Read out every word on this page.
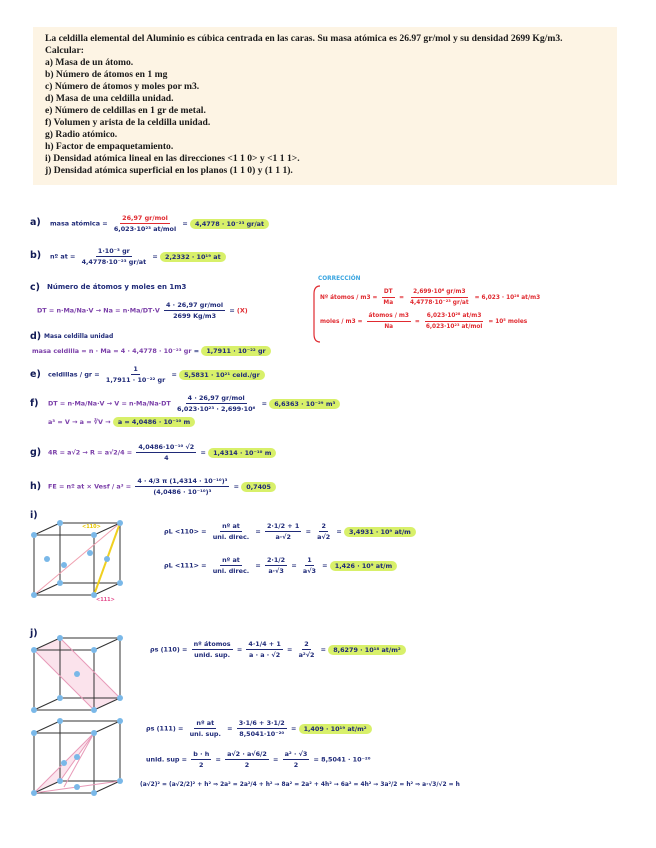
La celdilla elemental del Aluminio es cúbica centrada en las caras. Su masa atómica es 26.97 gr/mol y su densidad 2699 Kg/m3.
Calcular:
a) Masa de un átomo.
b) Número de átomos en 1 mg
c) Número de átomos y moles por m3.
d) Masa de una celdilla unidad.
e) Número de celdillas en 1 gr de metal.
f) Volumen y arista de la celdilla unidad.
g) Radio atómico.
h) Factor de empaquetamiento.
i) Densidad atómica lineal en las direcciones <1 1 0> y <1 1 1>.
j) Densidad atómica superficial en los planos (1 1 0) y (1 1 1).
a) masa atómica = $\frac{\text{26,97 gr/mol}}{\text{6,023·10²³ at/mol}} = 4,4778 \cdot 10^{-23}$ gr/at
b) nº at = $\frac{\text{1·10⁻³ gr}}{\text{4,4778·10⁻²³ gr/at}} = 2,2332 \cdot 10^{19}$ at
c) Número de átomos y moles en 1m3
DT = $n\cdot Ma/Na\cdot V \to Na = n\cdot Ma/DT\cdot V \frac{\text{4 · 26,97 gr/mol}}{2699 Kg/m3} = (X)$
CORRECCIÓN
Nº átomos / $m3 = \frac{DT}{Ma} = \frac{\text{2,699·10⁶ gr/m3}}{\text{4,4778·10⁻²³ gr/at}} = 6,023 \cdot 10^{28}$ at/m3
moles / $m3 = \frac{\text{átomos / m3}}{Na} = \frac{\text{6,023·10²⁸ at/m3}}{\text{6,023·10²³ at/mol}} = 10^5$ moles
d) Masa celdilla unidad
masa celdilla = n · Ma = 4 · 4,4778 · 10⁻²³ gr = 1,7911 · 10⁻²² gr
e) celdillas / gr = $\frac{1}{\text{1,7911 · 10⁻²² gr}} = 5,5831 \cdot 10^{21}$ celd./gr
f) DT = $n\cdot Ma/Na\cdot V \to V = n\cdot Ma/Na\cdot DT \frac{\text{4 · 26,97 gr/mol}}{\text{6,023·10²³ · 2,699·10⁶}} = 6,6363 \cdot 10^{-29}$ m³
a³ = V → a = ∛V → a = 4,0486 · 10⁻¹⁰ m
g) $4R = a√2 \to R = a√2/4 = \frac{\text{4,0486·10⁻¹⁰ √2}}{4} = 1,4314 \cdot 10^{-10}$ m
h) FE = nº at × Vesf / $a^3 = \frac{\text{4 · 4/3 π (1,4314 · 10⁻¹⁰)³}}{\text{(4,0486 · 10⁻¹⁰)³}} = 0,7405$
i)
<110>
<111>
$\rho L <110> = \frac{\text{nº at}}{\text{uni. direc.}} = \frac{2\cdot 1/2 + 1}{a\cdot√2} = \frac{2}{a√2} = 3,4931 \cdot 10^9$ at/m
$\rho L <111> = \frac{\text{nº at}}{\text{uni. direc.}} = \frac{2\cdot 1/2}{a\cdot√3} = \frac{1}{a√3} = 1,426 \cdot 10^9$ at/m
j)
ρs $(110) = \frac{\text{nº átomos}}{\text{unid. sup.}} = \frac{4\cdot 1/4 + 1}{a \cdot a \cdot √2} = \frac{2}{\text{a²√2}} = 8,6279 \cdot 10^{18}$ at/m²
ρs $(111) = \frac{\text{nº at}}{\text{uni. sup.}} = \frac{3\cdot 1/6 + 3\cdot 1/2}{\text{8,5041·10⁻²⁰}} = 1,409 \cdot 10^{19}$ at/m²
unid. sup = $\frac{b \cdot h}{2} = \frac{a√2 \cdot a√6/2}{2} = \frac{\text{a² · √3}}{2} = 8,5041 \cdot 10^{-20}$
(a√2)² = (a√2/2)² + h² ⇒ 2a² = 2a²/4 + h² → 8a² = 2a² + 4h² → 6a² = 4h² → 3a²/2 = h² ⇒ a·√3/√2 = h
